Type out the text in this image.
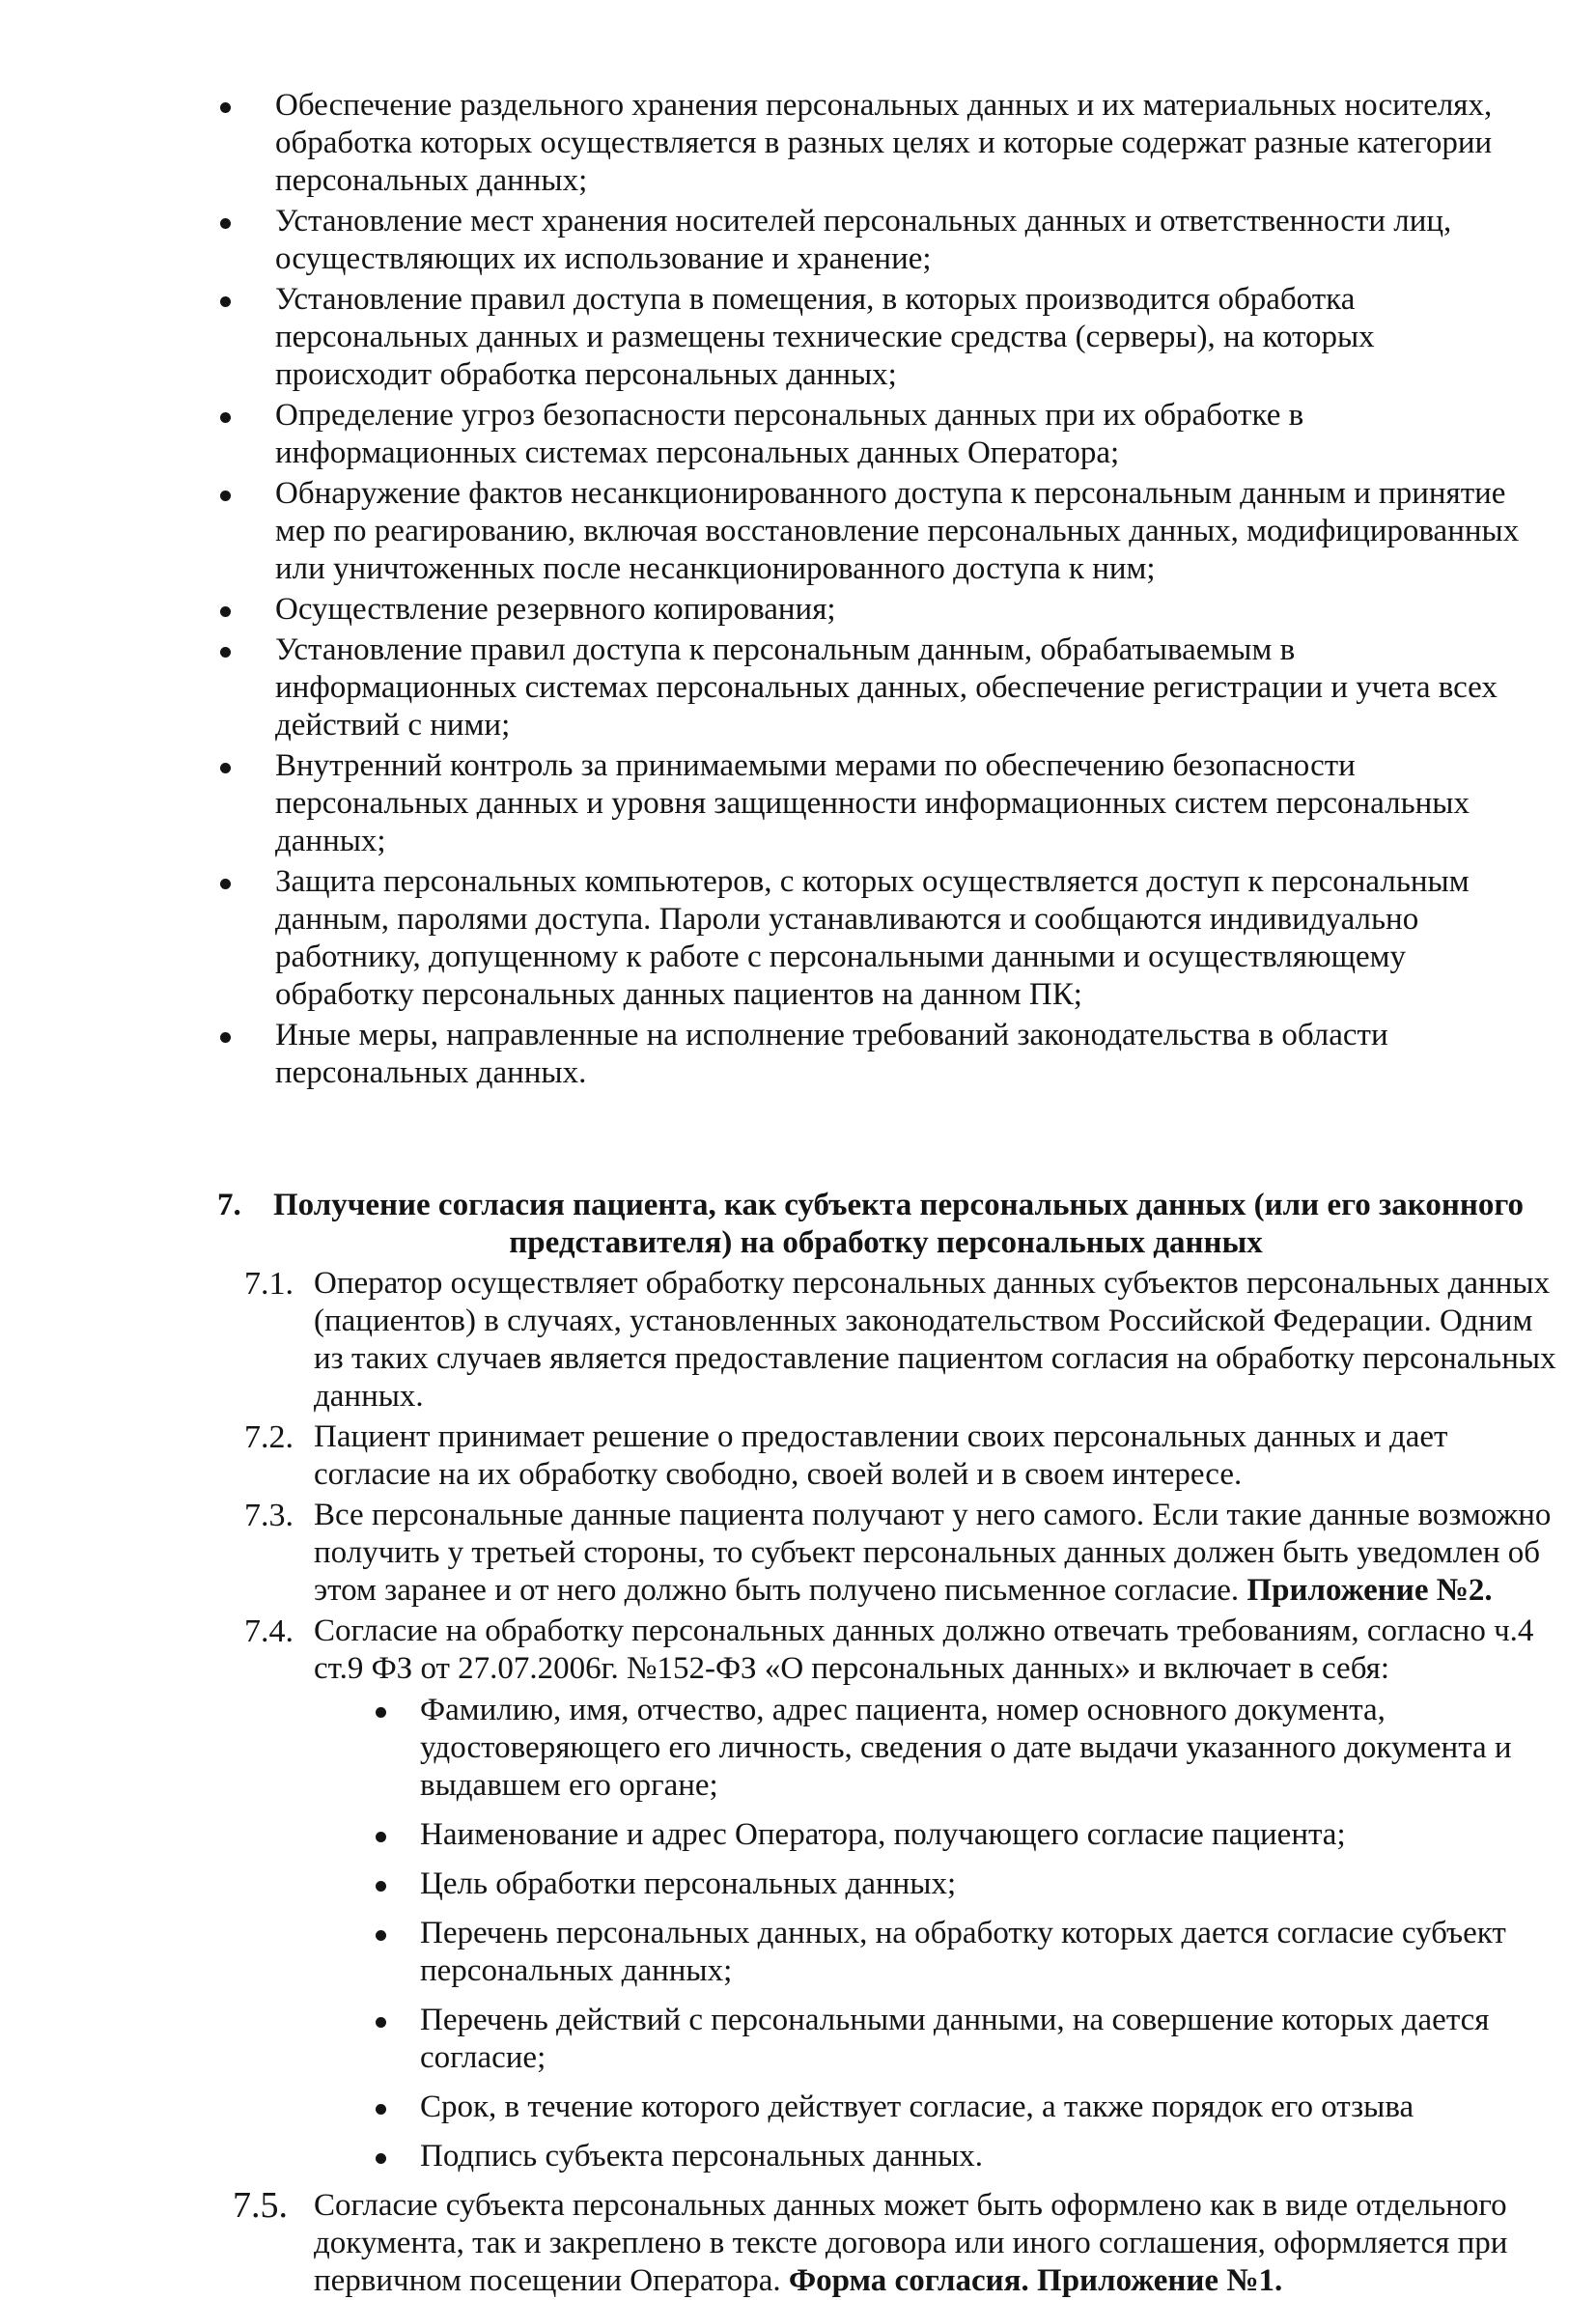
Обеспечение раздельного хранения персональных данных и их материальных носителях, обработка которых осуществляется в разных целях и которые содержат разные категории персональных данных;
Установление мест хранения носителей персональных данных и ответственности лиц, осуществляющих их использование и хранение;
Установление правил доступа в помещения, в которых производится обработка персональных данных и размещены технические средства (серверы), на которых происходит обработка персональных данных;
Определение угроз безопасности персональных данных при их обработке в информационных системах персональных данных Оператора;
Обнаружение фактов несанкционированного доступа к персональным данным и принятие мер по реагированию, включая восстановление персональных данных, модифицированных или уничтоженных после несанкционированного доступа к ним;
Осуществление резервного копирования;
Установление правил доступа к персональным данным, обрабатываемым в информационных системах персональных данных, обеспечение регистрации и учета всех действий с ними;
Внутренний контроль за принимаемыми мерами по обеспечению безопасности персональных данных и уровня защищенности информационных систем персональных данных;
Защита персональных компьютеров, с которых осуществляется доступ к персональным данным, паролями доступа. Пароли устанавливаются и сообщаются индивидуально работнику, допущенному к работе с персональными данными и осуществляющему обработку персональных данных пациентов на данном ПК;
Иные меры, направленные на исполнение требований законодательства в области персональных данных.
7. Получение согласия пациента, как субъекта персональных данных (или его законного
представителя) на обработку персональных данных
7.1. Оператор осуществляет обработку персональных данных субъектов персональных данных (пациентов) в случаях, установленных законодательством Российской Федерации. Одним из таких случаев является предоставление пациентом согласия на обработку персональных данных.

7.2. Пациент принимает решение о предоставлении своих персональных данных и дает согласие на их обработку свободно, своей волей и в своем интересе.

7.3. Все персональные данные пациента получают у него самого. Если такие данные возможно получить у третьей стороны, то субъект персональных данных должен быть уведомлен об этом заранее и от него должно быть получено письменное согласие. Приложение №2.

7.4. Согласие на обработку персональных данных должно отвечать требованиям, согласно ч.4 ст.9 ФЗ от 27.07.2006г. №152-ФЗ «О персональных данных» и включает в себя:

Фамилию, имя, отчество, адрес пациента, номер основного документа, удостоверяющего его личность, сведения о дате выдачи указанного документа и выдавшем его органе;
Наименование и адрес Оператора, получающего согласие пациента;
Цель обработки персональных данных;
Перечень персональных данных, на обработку которых дается согласие субъект персональных данных;
Перечень действий с персональными данными, на совершение которых дается согласие;
Срок, в течение которого действует согласие, а также порядок его отзыва
Подпись субъекта персональных данных.
7.5. Согласие субъекта персональных данных может быть оформлено как в виде отдельного документа, так и закреплено в тексте договора или иного соглашения, оформляется при первичном посещении Оператора. Форма согласия. Приложение №1.
